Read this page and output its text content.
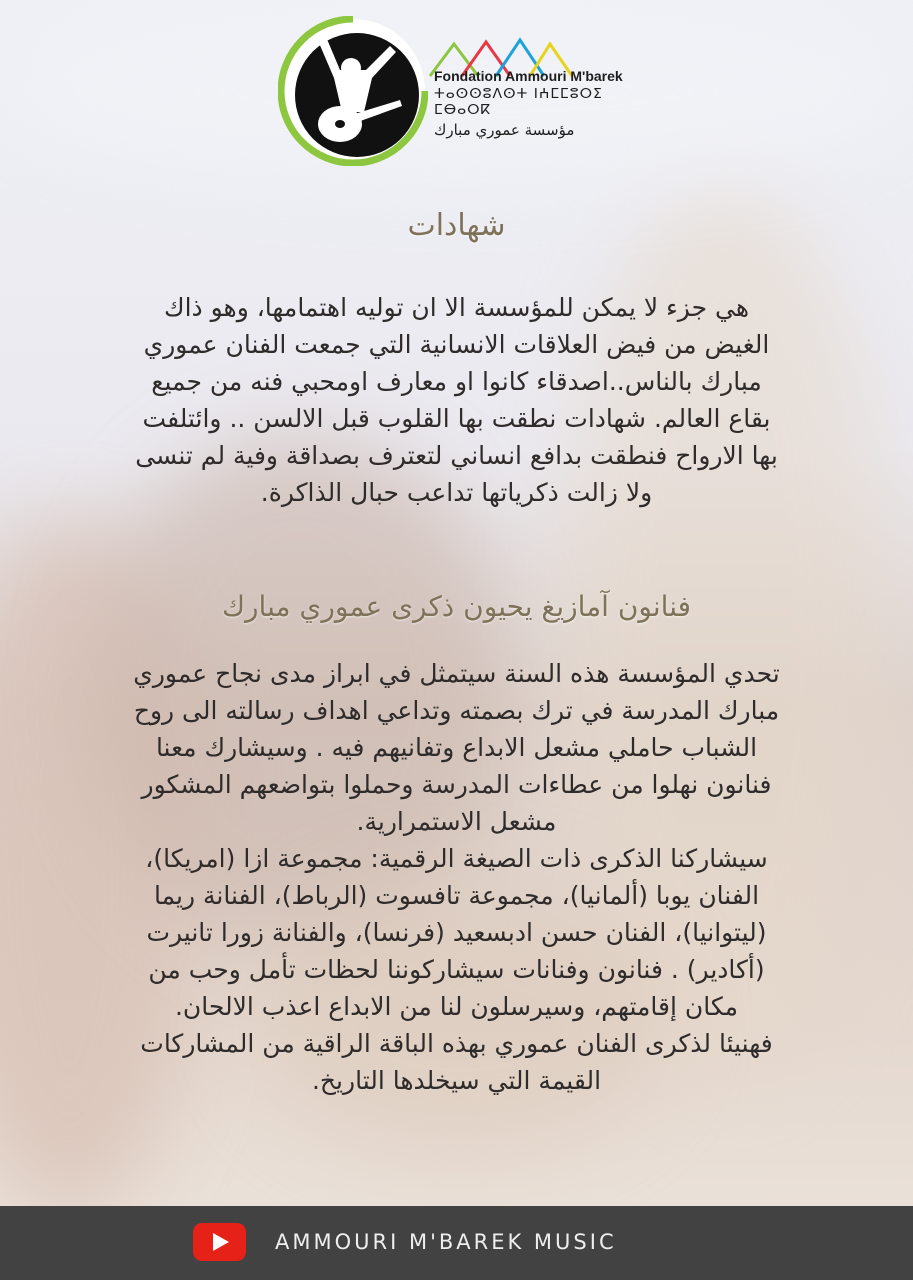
Fondation Ammouri M'barek
ⵜⴰⵙⵙⵓⴷⵙⵜ ⵏⵄⵎⵎⵓⵔⵉ ⵎⴱⴰⵔⴽ
مؤسسة عموري مبارك
شهادات
هي جزء لا يمكن للمؤسسة الا ان توليه اهتمامها، وهو ذاك
الغيض من فيض العلاقات الانسانية التي جمعت الفنان عموري
مبارك بالناس..اصدقاء كانوا او معارف اومحبي فنه من جميع
بقاع العالم. شهادات نطقت بها القلوب قبل الالسن .. وائتلفت
بها الارواح فنطقت بدافع انساني لتعترف بصداقة وفية لم تنسى
ولا زالت ذكرياتها تداعب حبال الذاكرة.
فنانون آمازيغ يحيون ذكرى عموري مبارك
تحدي المؤسسة هذه السنة سيتمثل في ابراز مدى نجاح عموري
مبارك المدرسة في ترك بصمته وتداعي اهداف رسالته الى روح
الشباب حاملي مشعل الابداع وتفانيهم فيه . وسيشارك معنا
فنانون نهلوا من عطاءات المدرسة وحملوا بتواضعهم المشكور
مشعل الاستمرارية.
سيشاركنا الذكرى ذات الصيغة الرقمية: مجموعة ازا (امريكا)،
الفنان يوبا (ألمانيا)، مجموعة تافسوت (الرباط)، الفنانة ريما
(ليتوانيا)، الفنان حسن ادبسعيد (فرنسا)، والفنانة زورا تانيرت
(أكادير) . فنانون وفنانات سيشاركوننا لحظات تأمل وحب من
مكان إقامتهم، وسيرسلون لنا من الابداع اعذب الالحان.
فهنيئا لذكرى الفنان عموري بهذه الباقة الراقية من المشاركات
القيمة التي سيخلدها التاريخ.
AMMOURI M'BAREK MUSIC
